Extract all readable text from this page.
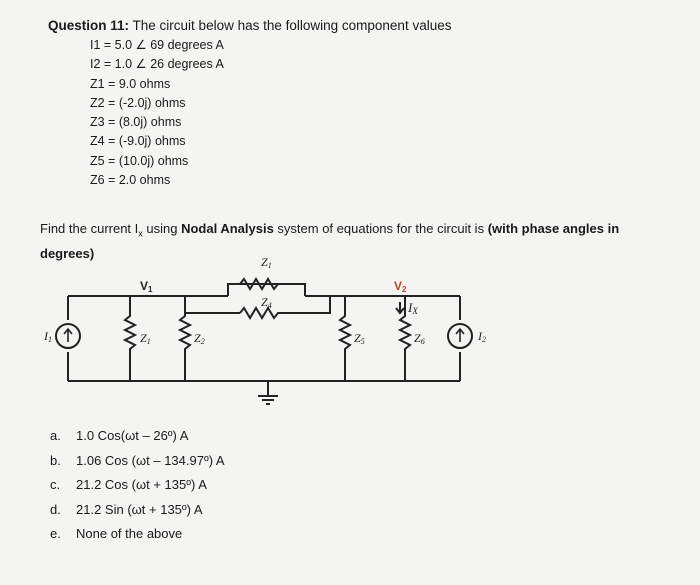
Question 11: The circuit below has the following component values
I1 = 5.0 ∠ 69 degrees A
I2 = 1.0 ∠ 26 degrees A
Z1 = 9.0 ohms
Z2 = (-2.0j) ohms
Z3 = (8.0j) ohms
Z4 = (-9.0j) ohms
Z5 = (10.0j) ohms
Z6 = 2.0 ohms
Find the current $I_x$ using Nodal Analysis system of equations for the circuit is (with phase angles in degrees)
V1	V2
Z1
Z4
Z1	Z2	Z5	Z6
IX
I1	I2
a. 1.0 Cos(ωt – 26º) A
b. 1.06 Cos (ωt – 134.97º) A
c. 21.2 Cos (ωt + 135º) A
d. 21.2 Sin (ωt + 135º) A
e. None of the above
